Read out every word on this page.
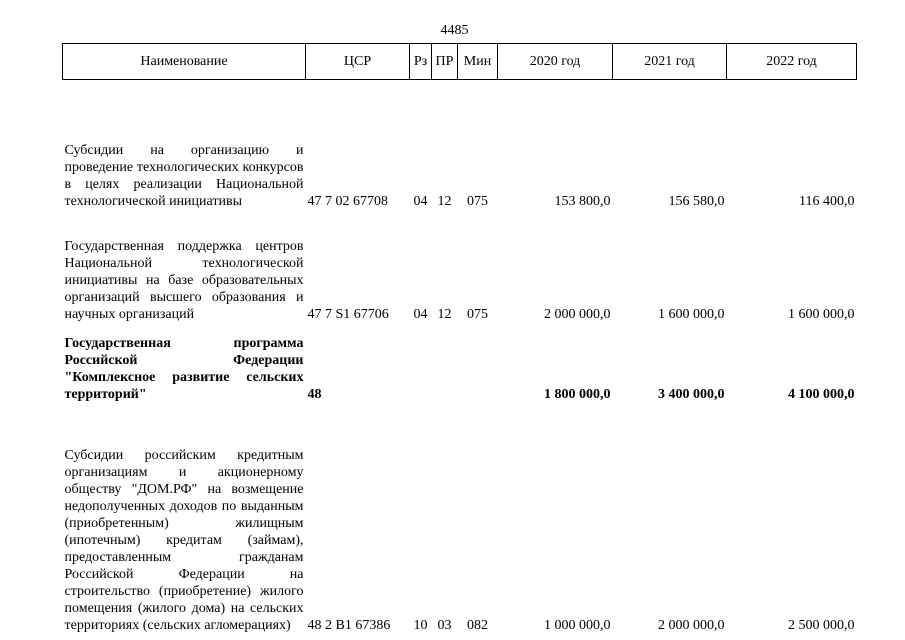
4485
Наименование	ЦСР	Рз	ПР	Мин	2020 год	2021 год	2022 год
Субсидии на организацию и проведение технологических конкурсов в целях реализации Национальной технологической инициативы	47 7 02 67708	04	12	075	153 800,0	156 580,0	116 400,0
Государственная поддержка центров Национальной технологической инициативы на базе образовательных организаций высшего образования и научных организаций	47 7 S1 67706	04	12	075	2 000 000,0	1 600 000,0	1 600 000,0
Государственная программа Российской Федерации "Комплексное развитие сельских территорий"	48				1 800 000,0	3 400 000,0	4 100 000,0
Субсидии российским кредитным организациям и акционерному обществу "ДОМ.РФ" на возмещение недополученных доходов по выданным (приобретенным) жилищным (ипотечным) кредитам (займам), предоставленным гражданам Российской Федерации на строительство (приобретение) жилого помещения (жилого дома) на сельских территориях (сельских агломерациях)	48 2 B1 67386	10	03	082	1 000 000,0	2 000 000,0	2 500 000,0
